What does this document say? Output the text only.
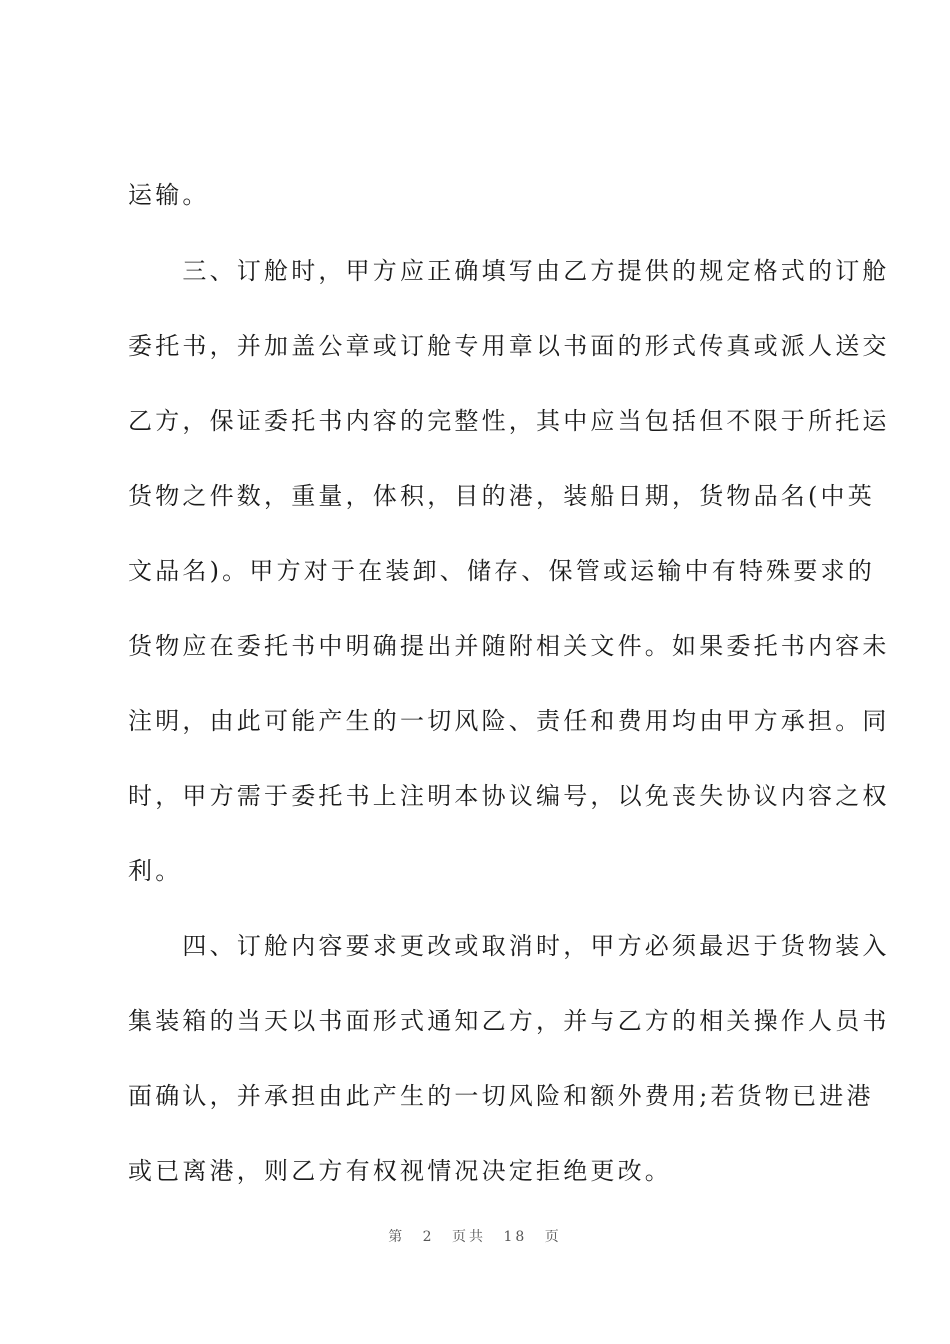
运输。
　　三、订舱时，甲方应正确填写由乙方提供的规定格式的订舱
委托书，并加盖公章或订舱专用章以书面的形式传真或派人送交
乙方，保证委托书内容的完整性，其中应当包括但不限于所托运
货物之件数，重量，体积，目的港，装船日期，货物品名(中英
文品名)。甲方对于在装卸、储存、保管或运输中有特殊要求的
货物应在委托书中明确提出并随附相关文件。如果委托书内容未
注明，由此可能产生的一切风险、责任和费用均由甲方承担。同
时，甲方需于委托书上注明本协议编号，以免丧失协议内容之权
利。
　　四、订舱内容要求更改或取消时，甲方必须最迟于货物装入
集装箱的当天以书面形式通知乙方，并与乙方的相关操作人员书
面确认，并承担由此产生的一切风险和额外费用;若货物已进港
或已离港，则乙方有权视情况决定拒绝更改。
第 2 页共 18 页
